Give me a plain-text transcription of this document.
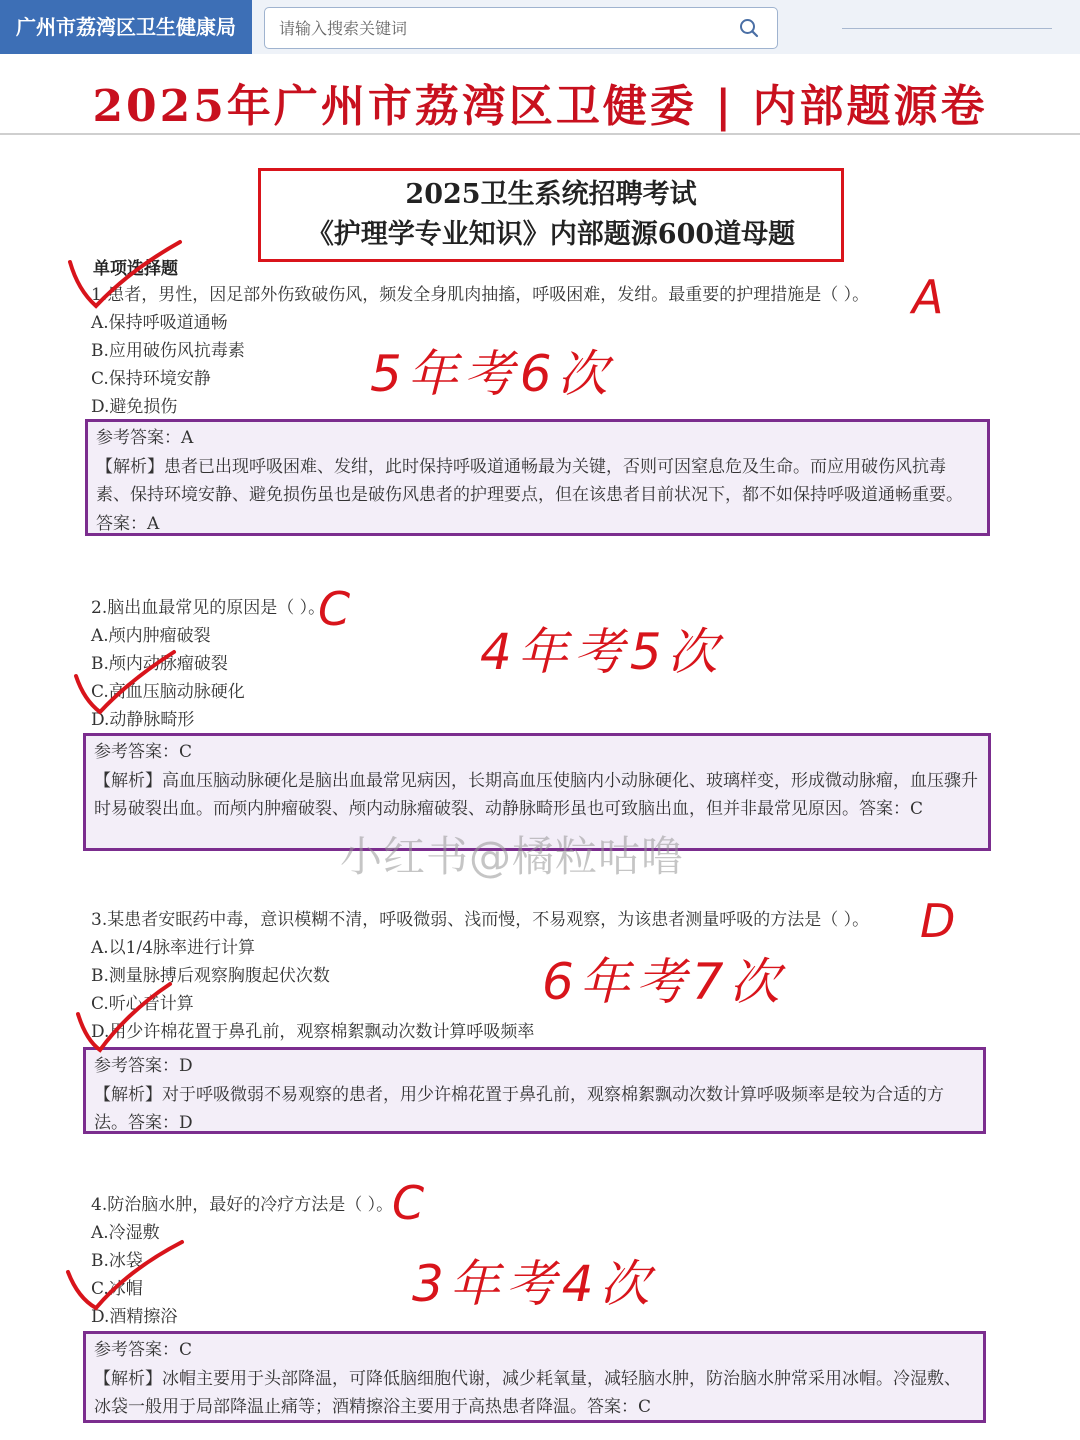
广州市荔湾区卫生健康局
请输入搜索关键词
2025年广州市荔湾区卫健委 | 内部题源卷
2025卫生系统招聘考试
《护理学专业知识》内部题源600道母题
单项选择题
1.患者，男性，因足部外伤致破伤风，频发全身肌肉抽搐，呼吸困难，发绀。最重要的护理措施是（ ）。
A.保持呼吸道通畅
B.应用破伤风抗毒素
C.保持环境安静
D.避免损伤
参考答案：A
【解析】患者已出现呼吸困难、发绀，此时保持呼吸道通畅最为关键，否则可因窒息危及生命。而应用破伤风抗毒素、保持环境安静、避免损伤虽也是破伤风患者的护理要点，但在该患者目前状况下，都不如保持呼吸道通畅重要。答案：A
2.脑出血最常见的原因是（ ）。
A.颅内肿瘤破裂
B.颅内动脉瘤破裂
C.高血压脑动脉硬化
D.动静脉畸形
参考答案：C
【解析】高血压脑动脉硬化是脑出血最常见病因，长期高血压使脑内小动脉硬化、玻璃样变，形成微动脉瘤，血压骤升时易破裂出血。而颅内肿瘤破裂、颅内动脉瘤破裂、动静脉畸形虽也可致脑出血，但并非最常见原因。答案：C
3.某患者安眠药中毒，意识模糊不清，呼吸微弱、浅而慢，不易观察，为该患者测量呼吸的方法是（ ）。
A.以1/4脉率进行计算
B.测量脉搏后观察胸腹起伏次数
C.听心音计算
D.用少许棉花置于鼻孔前，观察棉絮飘动次数计算呼吸频率
参考答案：D
【解析】对于呼吸微弱不易观察的患者，用少许棉花置于鼻孔前，观察棉絮飘动次数计算呼吸频率是较为合适的方法。答案：D
4.防治脑水肿，最好的冷疗方法是（ ）。
A.冷湿敷
B.冰袋
C.冰帽
D.酒精擦浴
参考答案：C
【解析】冰帽主要用于头部降温，可降低脑细胞代谢，减少耗氧量，减轻脑水肿，防治脑水肿常采用冰帽。冷湿敷、冰袋一般用于局部降温止痛等；酒精擦浴主要用于高热患者降温。答案：C
A
5年考6次
C
4年考5次
D
6年考7次
C
3年考4次
小红书@橘粒咕噜
